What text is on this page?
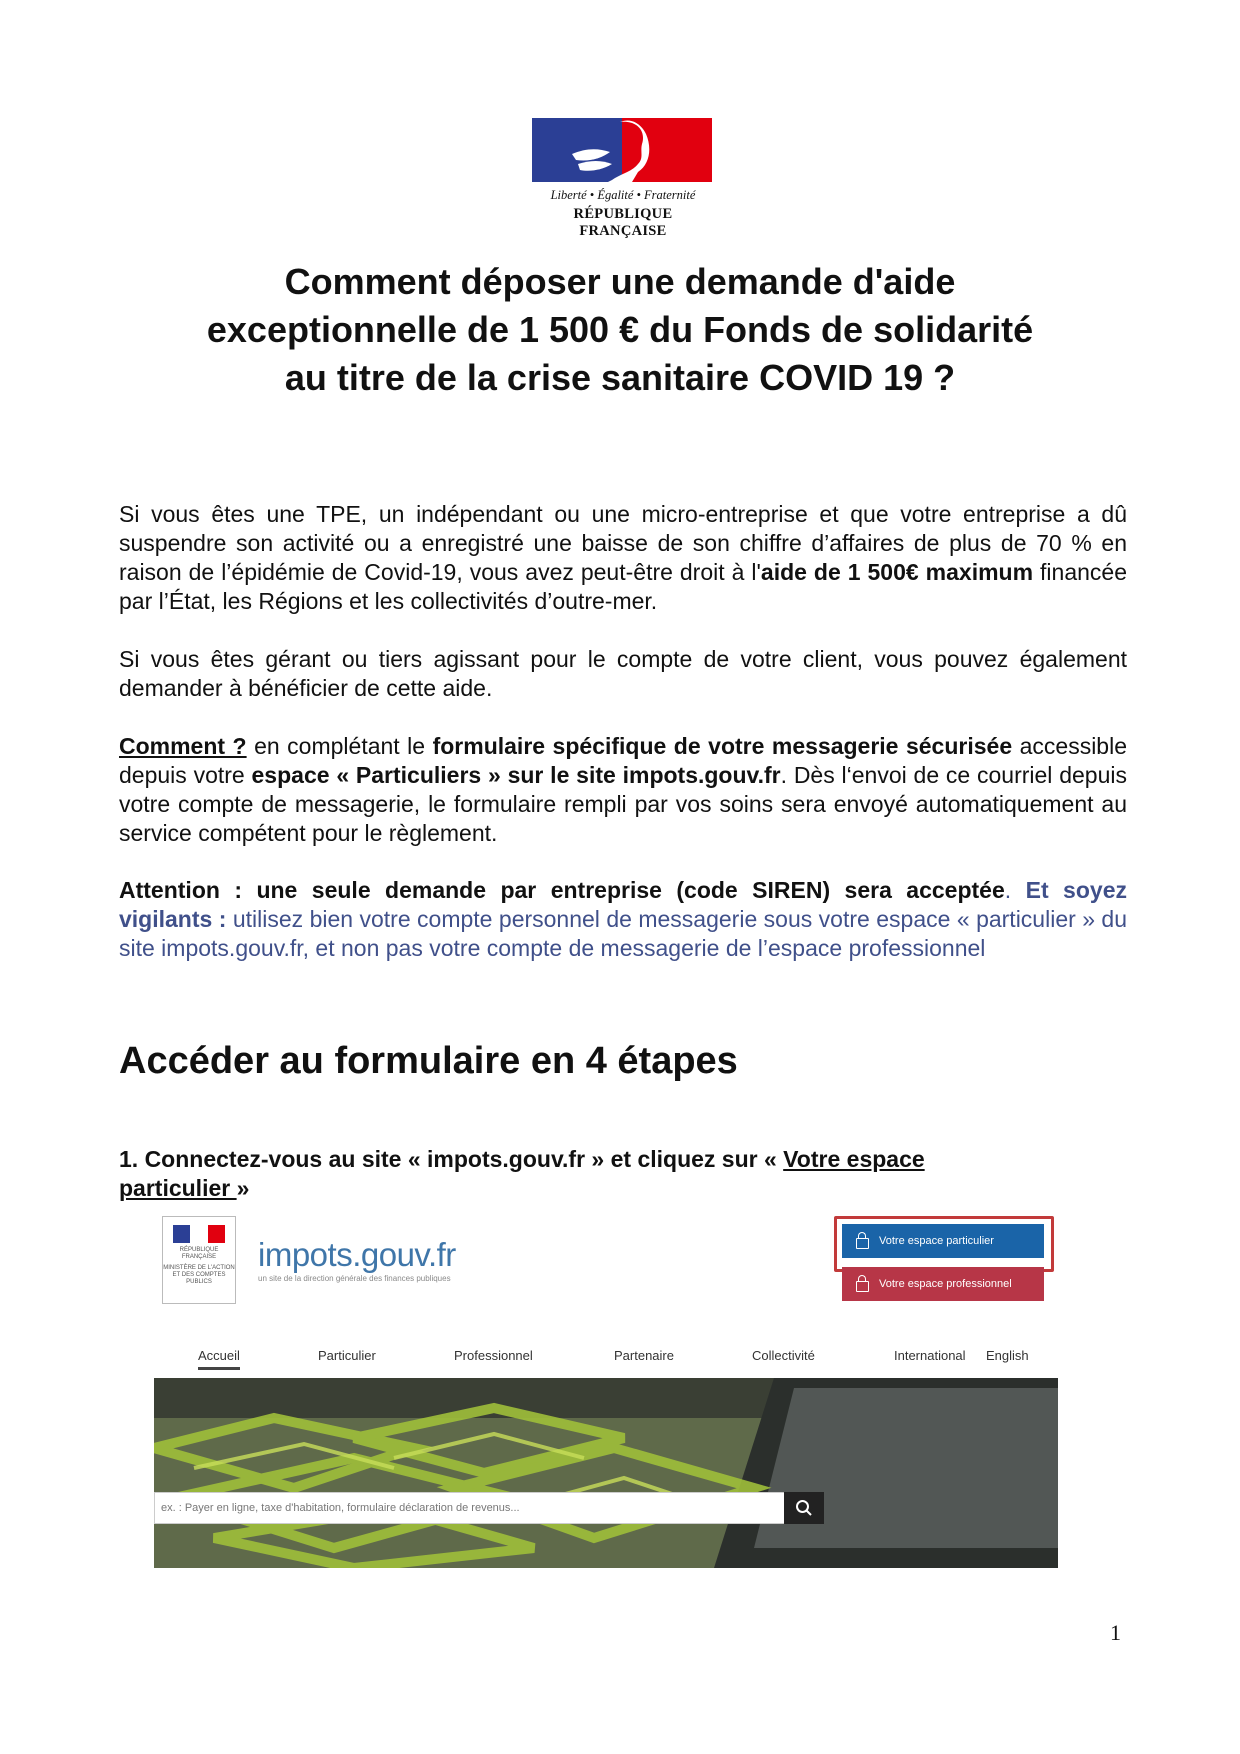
Liberté • Égalité • Fraternité
RÉPUBLIQUE FRANÇAISE
Comment déposer une demande d'aide
exceptionnelle de 1 500 € du Fonds de solidarité
au titre de la crise sanitaire COVID 19 ?

Si vous êtes une TPE, un indépendant ou une micro-entreprise et que votre entreprise a dû suspendre son activité ou a enregistré une baisse de son chiffre d’affaires de plus de 70 % en raison de l’épidémie de Covid-19, vous avez peut-être droit à l'aide de 1 500€ maximum financée par l’État, les Régions et les collectivités d’outre-mer.

Si vous êtes gérant ou tiers agissant pour le compte de votre client, vous pouvez également demander à bénéficier de cette aide.

Comment ? en complétant le formulaire spécifique de votre messagerie sécurisée accessible depuis votre espace « Particuliers » sur le site impots.gouv.fr. Dès l‘envoi de ce courriel depuis votre compte de messagerie, le formulaire rempli par vos soins sera envoyé automatiquement au service compétent pour le règlement.

Attention : une seule demande par entreprise (code SIREN) sera acceptée. Et soyez vigilants : utilisez bien votre compte personnel de messagerie sous votre espace « particulier » du site impots.gouv.fr, et non pas votre compte de messagerie de l’espace professionnel

Accéder au formulaire en 4 étapes

1. Connectez-vous au site « impots.gouv.fr » et cliquez sur « Votre espace particulier »

RÉPUBLIQUE FRANÇAISE
MINISTÈRE DE L'ACTION ET DES COMPTES PUBLICS
impots.gouv.fr
un site de la direction générale des finances publiques
Votre espace particulier
Votre espace professionnel
Accueil	Particulier	Professionnel	Partenaire	Collectivité	International English
ex. : Payer en ligne, taxe d'habitation, formulaire déclaration de revenus...
1
